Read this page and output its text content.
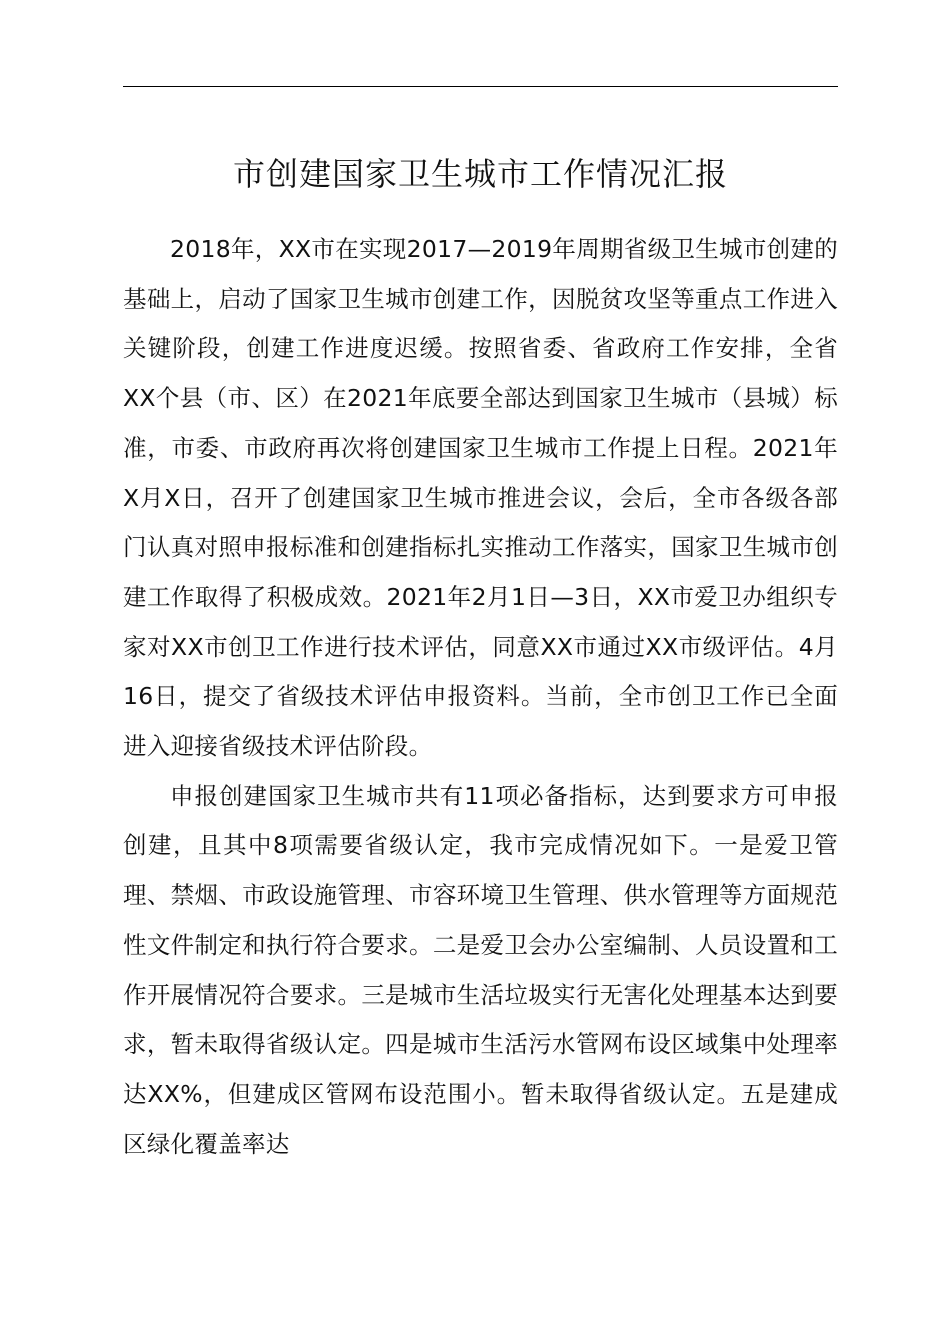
市创建国家卫生城市工作情况汇报

2018年，XX市在实现2017—2019年周期省级卫生城市创建的基础上，启动了国家卫生城市创建工作，因脱贫攻坚等重点工作进入关键阶段，创建工作进度迟缓。按照省委、省政府工作安排，全省XX个县（市、区）在2021年底要全部达到国家卫生城市（县城）标准，市委、市政府再次将创建国家卫生城市工作提上日程。2021年X月X日，召开了创建国家卫生城市推进会议，会后，全市各级各部门认真对照申报标准和创建指标扎实推动工作落实，国家卫生城市创建工作取得了积极成效。2021年2月1日—3日，XX市爱卫办组织专家对XX市创卫工作进行技术评估，同意XX市通过XX市级评估。4月16日，提交了省级技术评估申报资料。当前，全市创卫工作已全面进入迎接省级技术评估阶段。

申报创建国家卫生城市共有11项必备指标，达到要求方可申报创建，且其中8项需要省级认定，我市完成情况如下。一是爱卫管理、禁烟、市政设施管理、市容环境卫生管理、供水管理等方面规范性文件制定和执行符合要求。二是爱卫会办公室编制、人员设置和工作开展情况符合要求。三是城市生活垃圾实行无害化处理基本达到要求，暂未取得省级认定。四是城市生活污水管网布设区域集中处理率达XX%，但建成区管网布设范围小。暂未取得省级认定。五是建成区绿化覆盖率达
